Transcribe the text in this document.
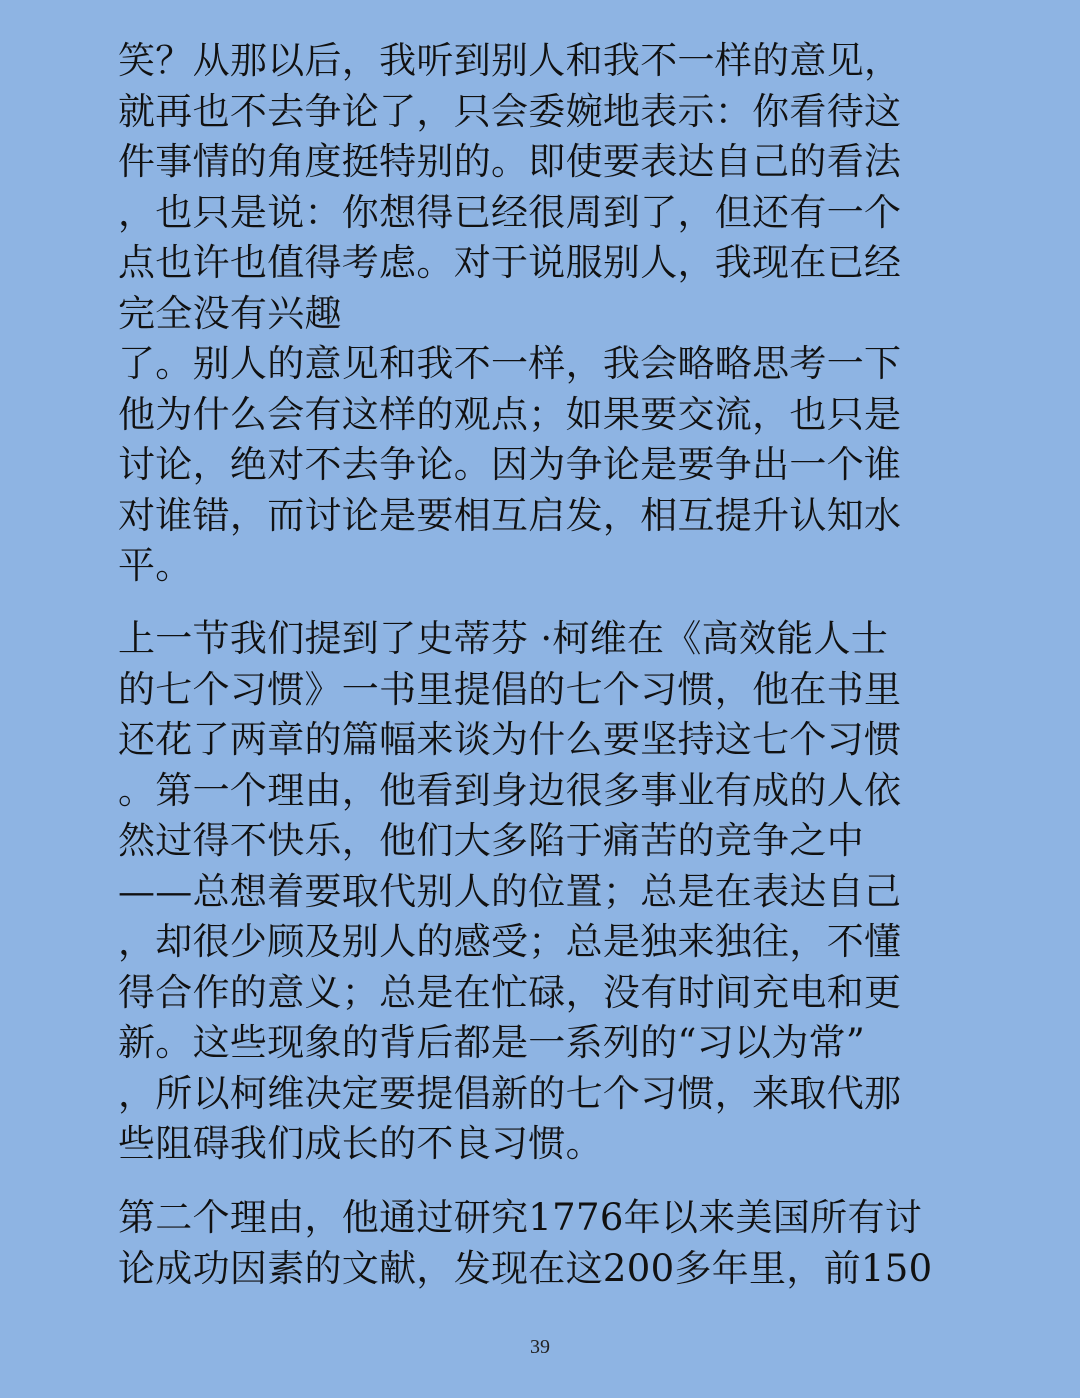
笑？从那以后，我听到别人和我不一样的意见，
就再也不去争论了，只会委婉地表示：你看待这
件事情的角度挺特别的。即使要表达自己的看法
，也只是说：你想得已经很周到了，但还有一个
点也许也值得考虑。对于说服别人，我现在已经
完全没有兴趣
了。别人的意见和我不一样，我会略略思考一下
他为什么会有这样的观点；如果要交流，也只是
讨论，绝对不去争论。因为争论是要争出一个谁
对谁错，而讨论是要相互启发，相互提升认知水
平。
上一节我们提到了史蒂芬 ·柯维在《高效能人士
的七个习惯》一书里提倡的七个习惯，他在书里
还花了两章的篇幅来谈为什么要坚持这七个习惯
。第一个理由，他看到身边很多事业有成的人依
然过得不快乐，他们大多陷于痛苦的竞争之中
——总想着要取代别人的位置；总是在表达自己
，却很少顾及别人的感受；总是独来独往，不懂
得合作的意义；总是在忙碌，没有时间充电和更
新。这些现象的背后都是一系列的“习以为常”
，所以柯维决定要提倡新的七个习惯，来取代那
些阻碍我们成长的不良习惯。
第二个理由，他通过研究1776年以来美国所有讨
论成功因素的文献，发现在这200多年里，前150
39
